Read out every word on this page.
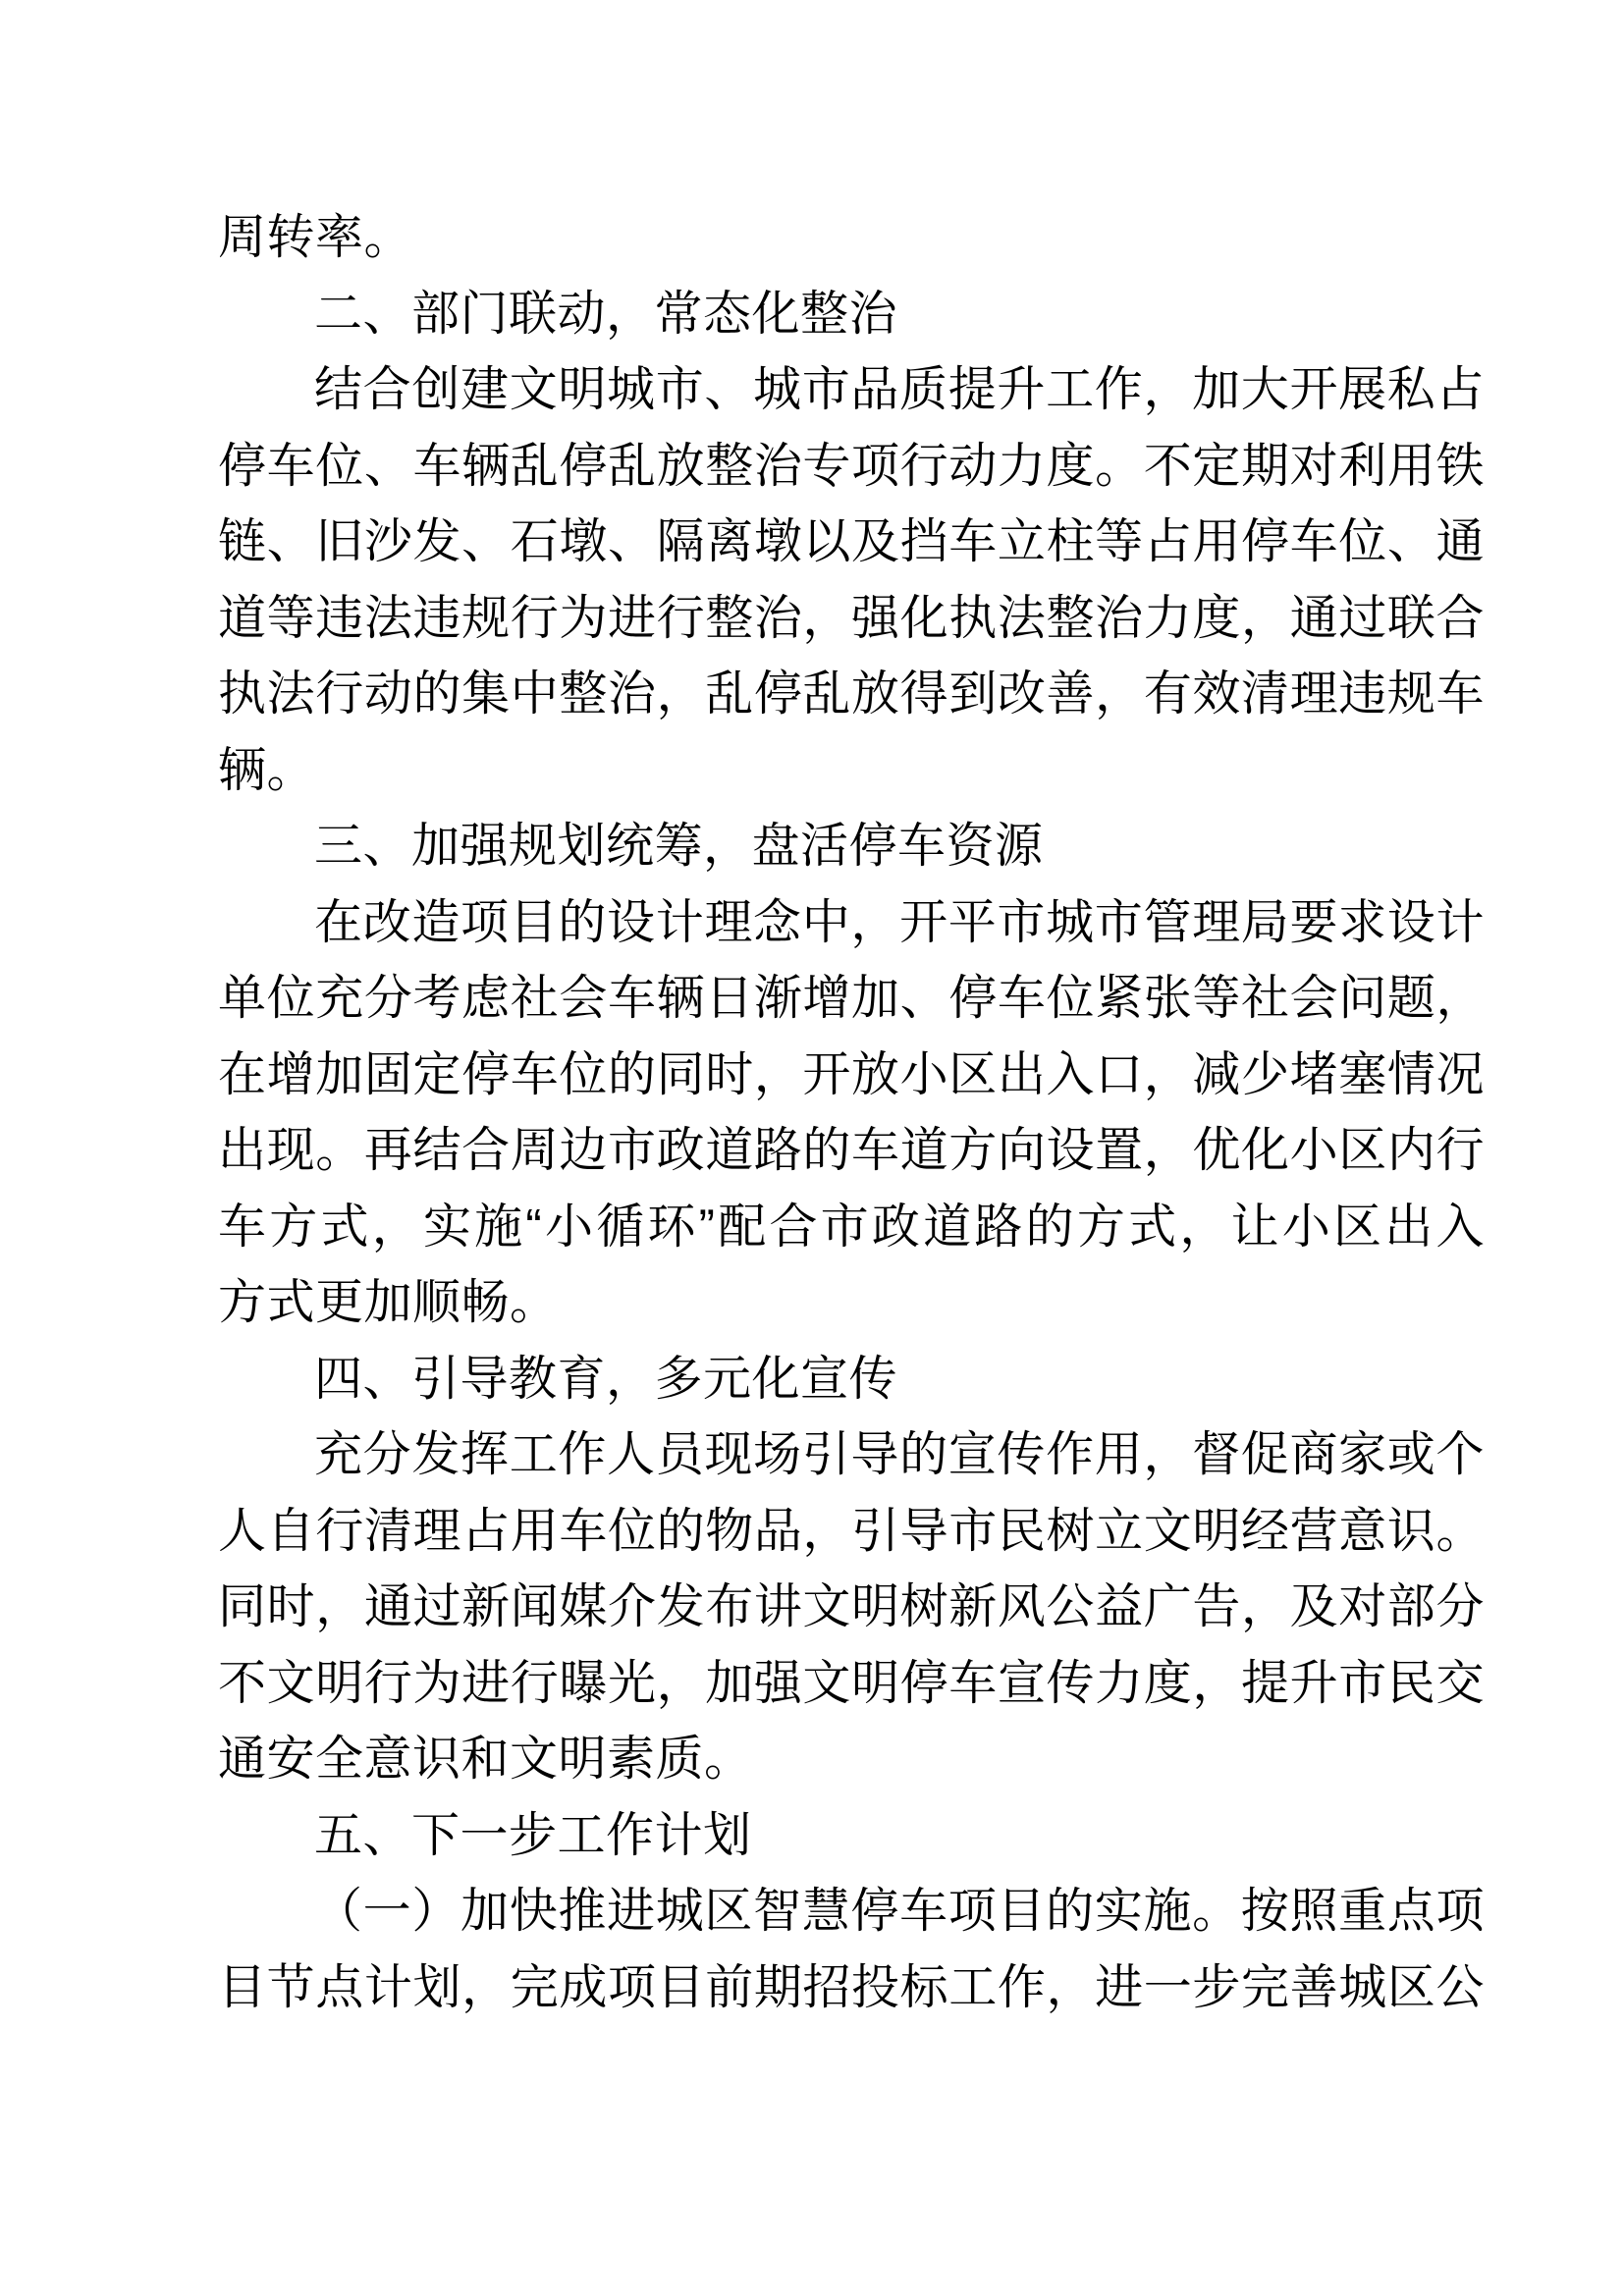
周转率。
二、部门联动，常态化整治
结合创建文明城市、城市品质提升工作，加大开展私占
停车位、车辆乱停乱放整治专项行动力度。不定期对利用铁
链、旧沙发、石墩、隔离墩以及挡车立柱等占用停车位、通
道等违法违规行为进行整治，强化执法整治力度，通过联合
执法行动的集中整治，乱停乱放得到改善，有效清理违规车
辆。
三、加强规划统筹，盘活停车资源
在改造项目的设计理念中，开平市城市管理局要求设计
单位充分考虑社会车辆日渐增加、停车位紧张等社会问题，
在增加固定停车位的同时，开放小区出入口，减少堵塞情况
出现。再结合周边市政道路的车道方向设置，优化小区内行
车方式，实施“小循环”配合市政道路的方式，让小区出入
方式更加顺畅。
四、引导教育，多元化宣传
充分发挥工作人员现场引导的宣传作用，督促商家或个
人自行清理占用车位的物品，引导市民树立文明经营意识。
同时，通过新闻媒介发布讲文明树新风公益广告，及对部分
不文明行为进行曝光，加强文明停车宣传力度，提升市民交
通安全意识和文明素质。
五、下一步工作计划
（一）加快推进城区智慧停车项目的实施。按照重点项
目节点计划，完成项目前期招投标工作，进一步完善城区公
